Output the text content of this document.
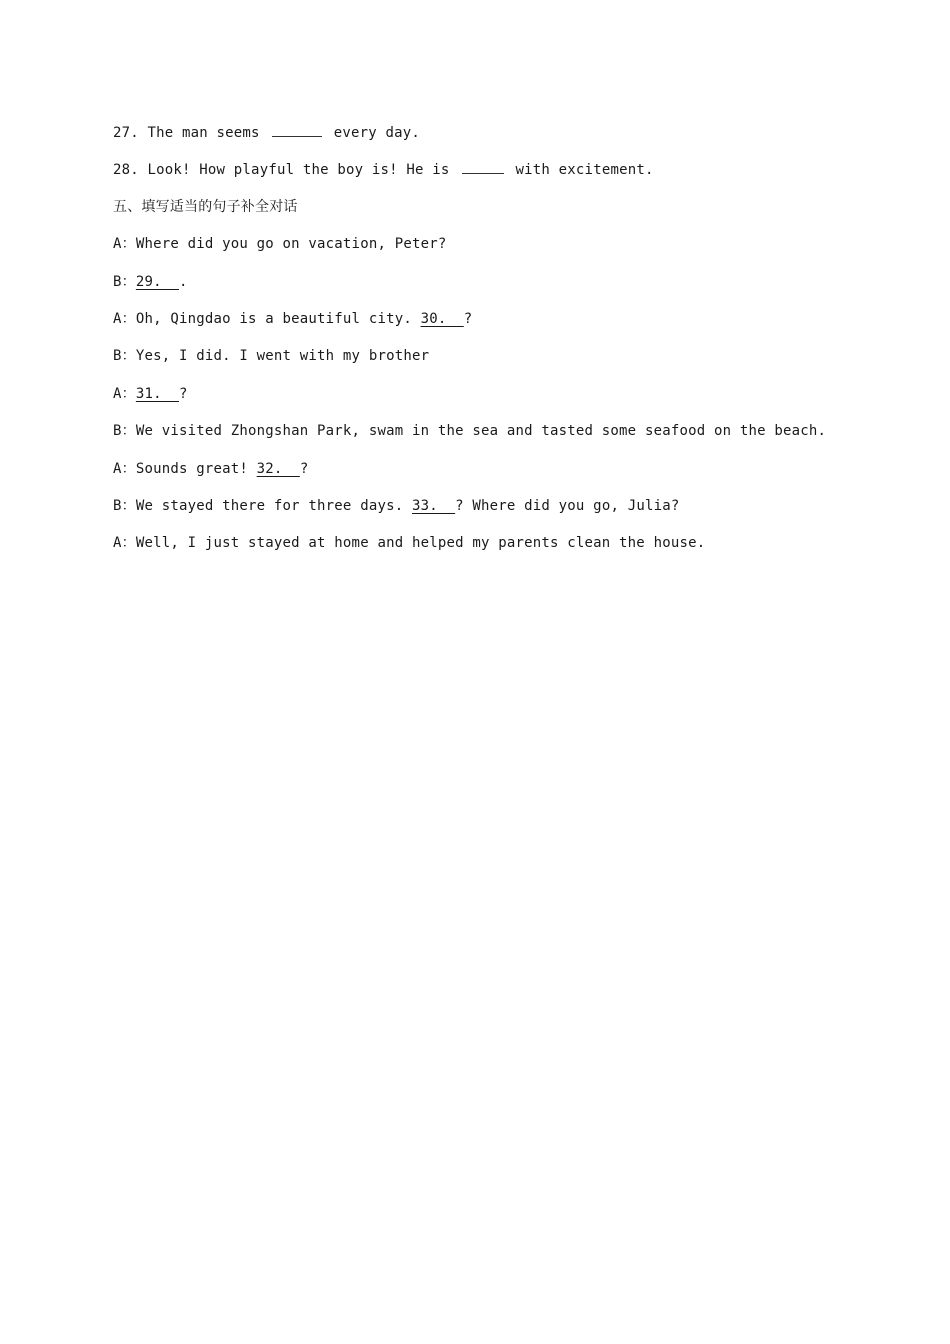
27. The man seems	every day.
28. Look! How playful the boy is! He is	with excitement.
五、填写适当的句子补全对话
A：Where did you go on vacation, Peter?
B：29.  .
A：Oh, Qingdao is a beautiful city. 30.  ?
B：Yes, I did. I went with my brother
A：31.  ?
B：We visited Zhongshan Park, swam in the sea and tasted some seafood on the beach.
A：Sounds great! 32.  ?
B：We stayed there for three days. 33.  ? Where did you go, Julia?
A：Well, I just stayed at home and helped my parents clean the house.
